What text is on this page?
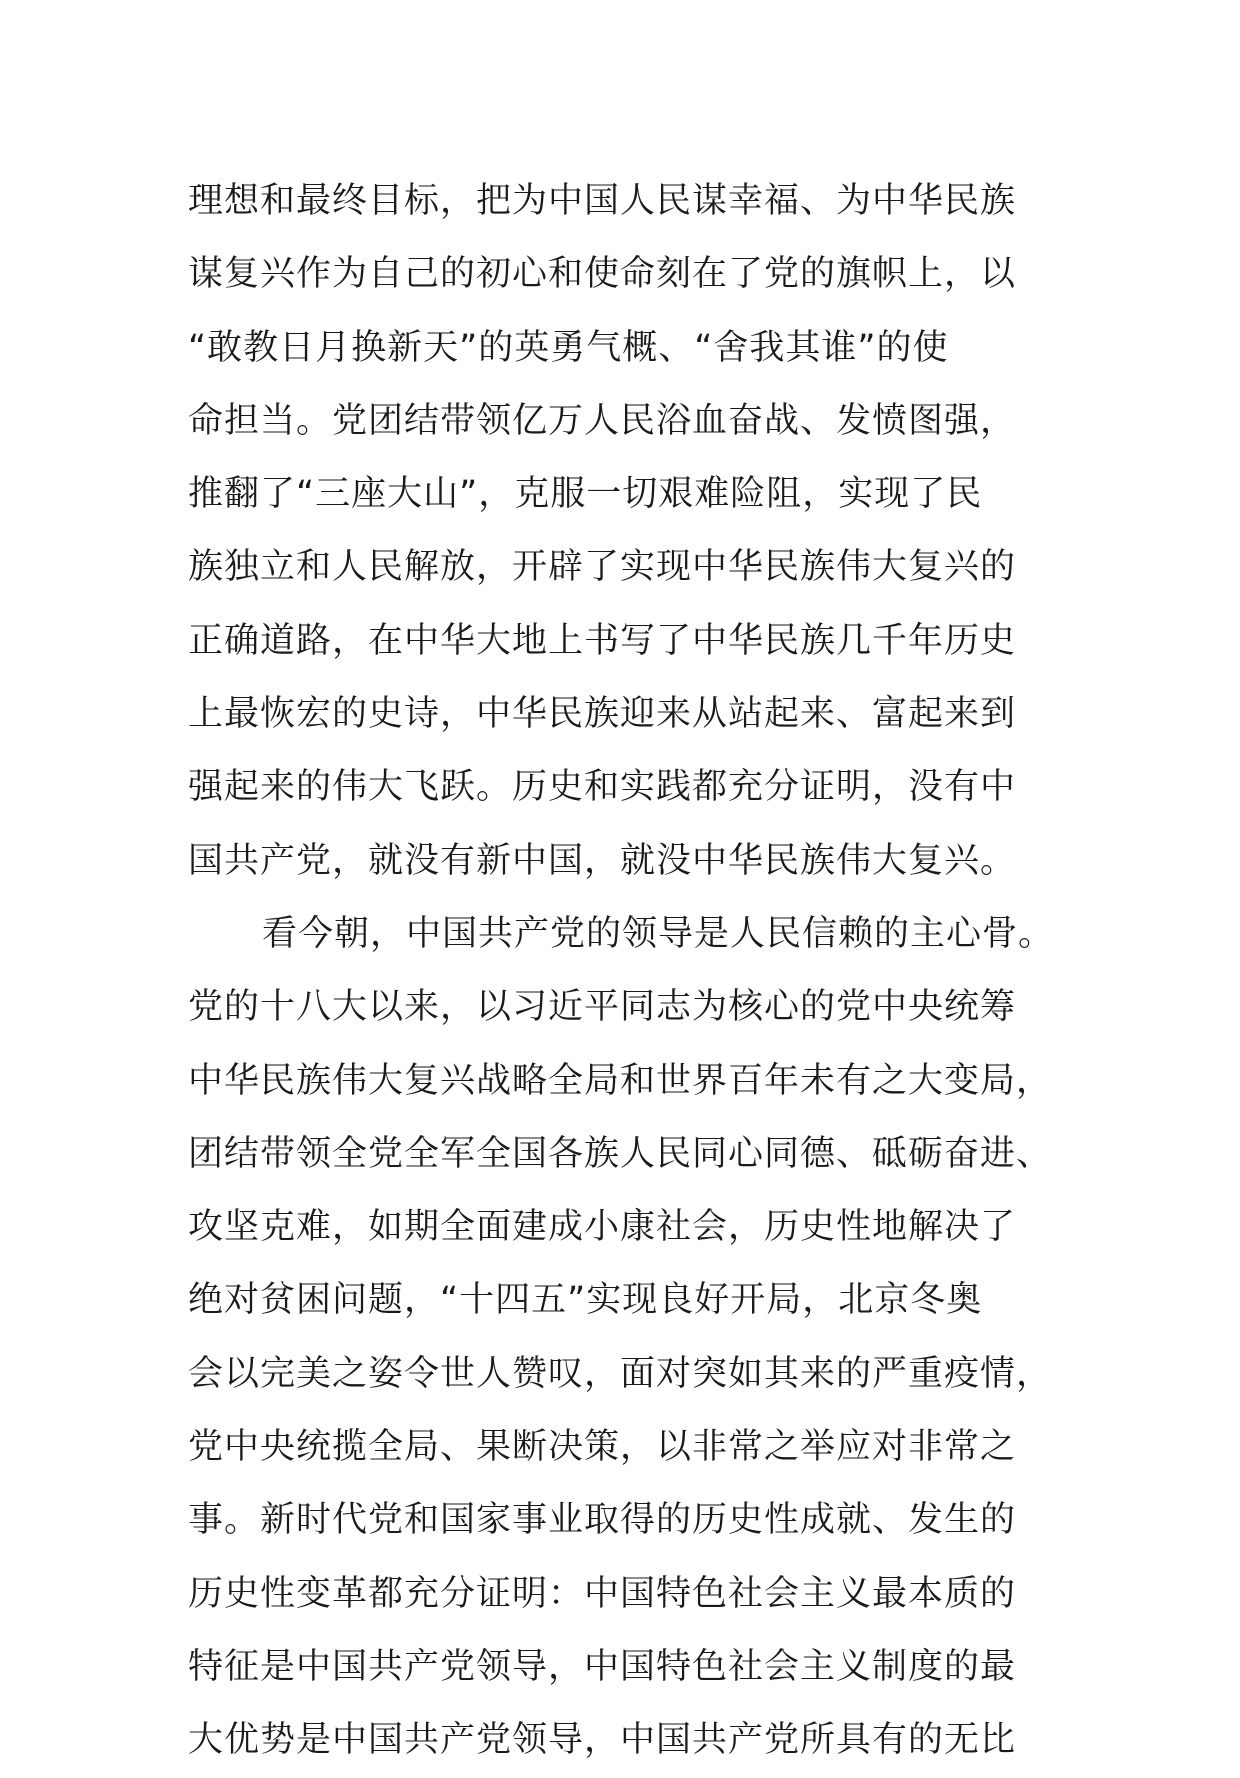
理想和最终目标，把为中国人民谋幸福、为中华民族
谋复兴作为自己的初心和使命刻在了党的旗帜上，以
“敢教日月换新天”的英勇气概、“舍我其谁”的使
命担当。党团结带领亿万人民浴血奋战、发愤图强，
推翻了“三座大山”，克服一切艰难险阻，实现了民
族独立和人民解放，开辟了实现中华民族伟大复兴的
正确道路，在中华大地上书写了中华民族几千年历史
上最恢宏的史诗，中华民族迎来从站起来、富起来到
强起来的伟大飞跃。历史和实践都充分证明，没有中
国共产党，就没有新中国，就没中华民族伟大复兴。
看今朝，中国共产党的领导是人民信赖的主心骨。
党的十八大以来，以习近平同志为核心的党中央统筹
中华民族伟大复兴战略全局和世界百年未有之大变局，
团结带领全党全军全国各族人民同心同德、砥砺奋进、
攻坚克难，如期全面建成小康社会，历史性地解决了
绝对贫困问题，“十四五”实现良好开局，北京冬奥
会以完美之姿令世人赞叹，面对突如其来的严重疫情，
党中央统揽全局、果断决策，以非常之举应对非常之
事。新时代党和国家事业取得的历史性成就、发生的
历史性变革都充分证明：中国特色社会主义最本质的
特征是中国共产党领导，中国特色社会主义制度的最
大优势是中国共产党领导，中国共产党所具有的无比
